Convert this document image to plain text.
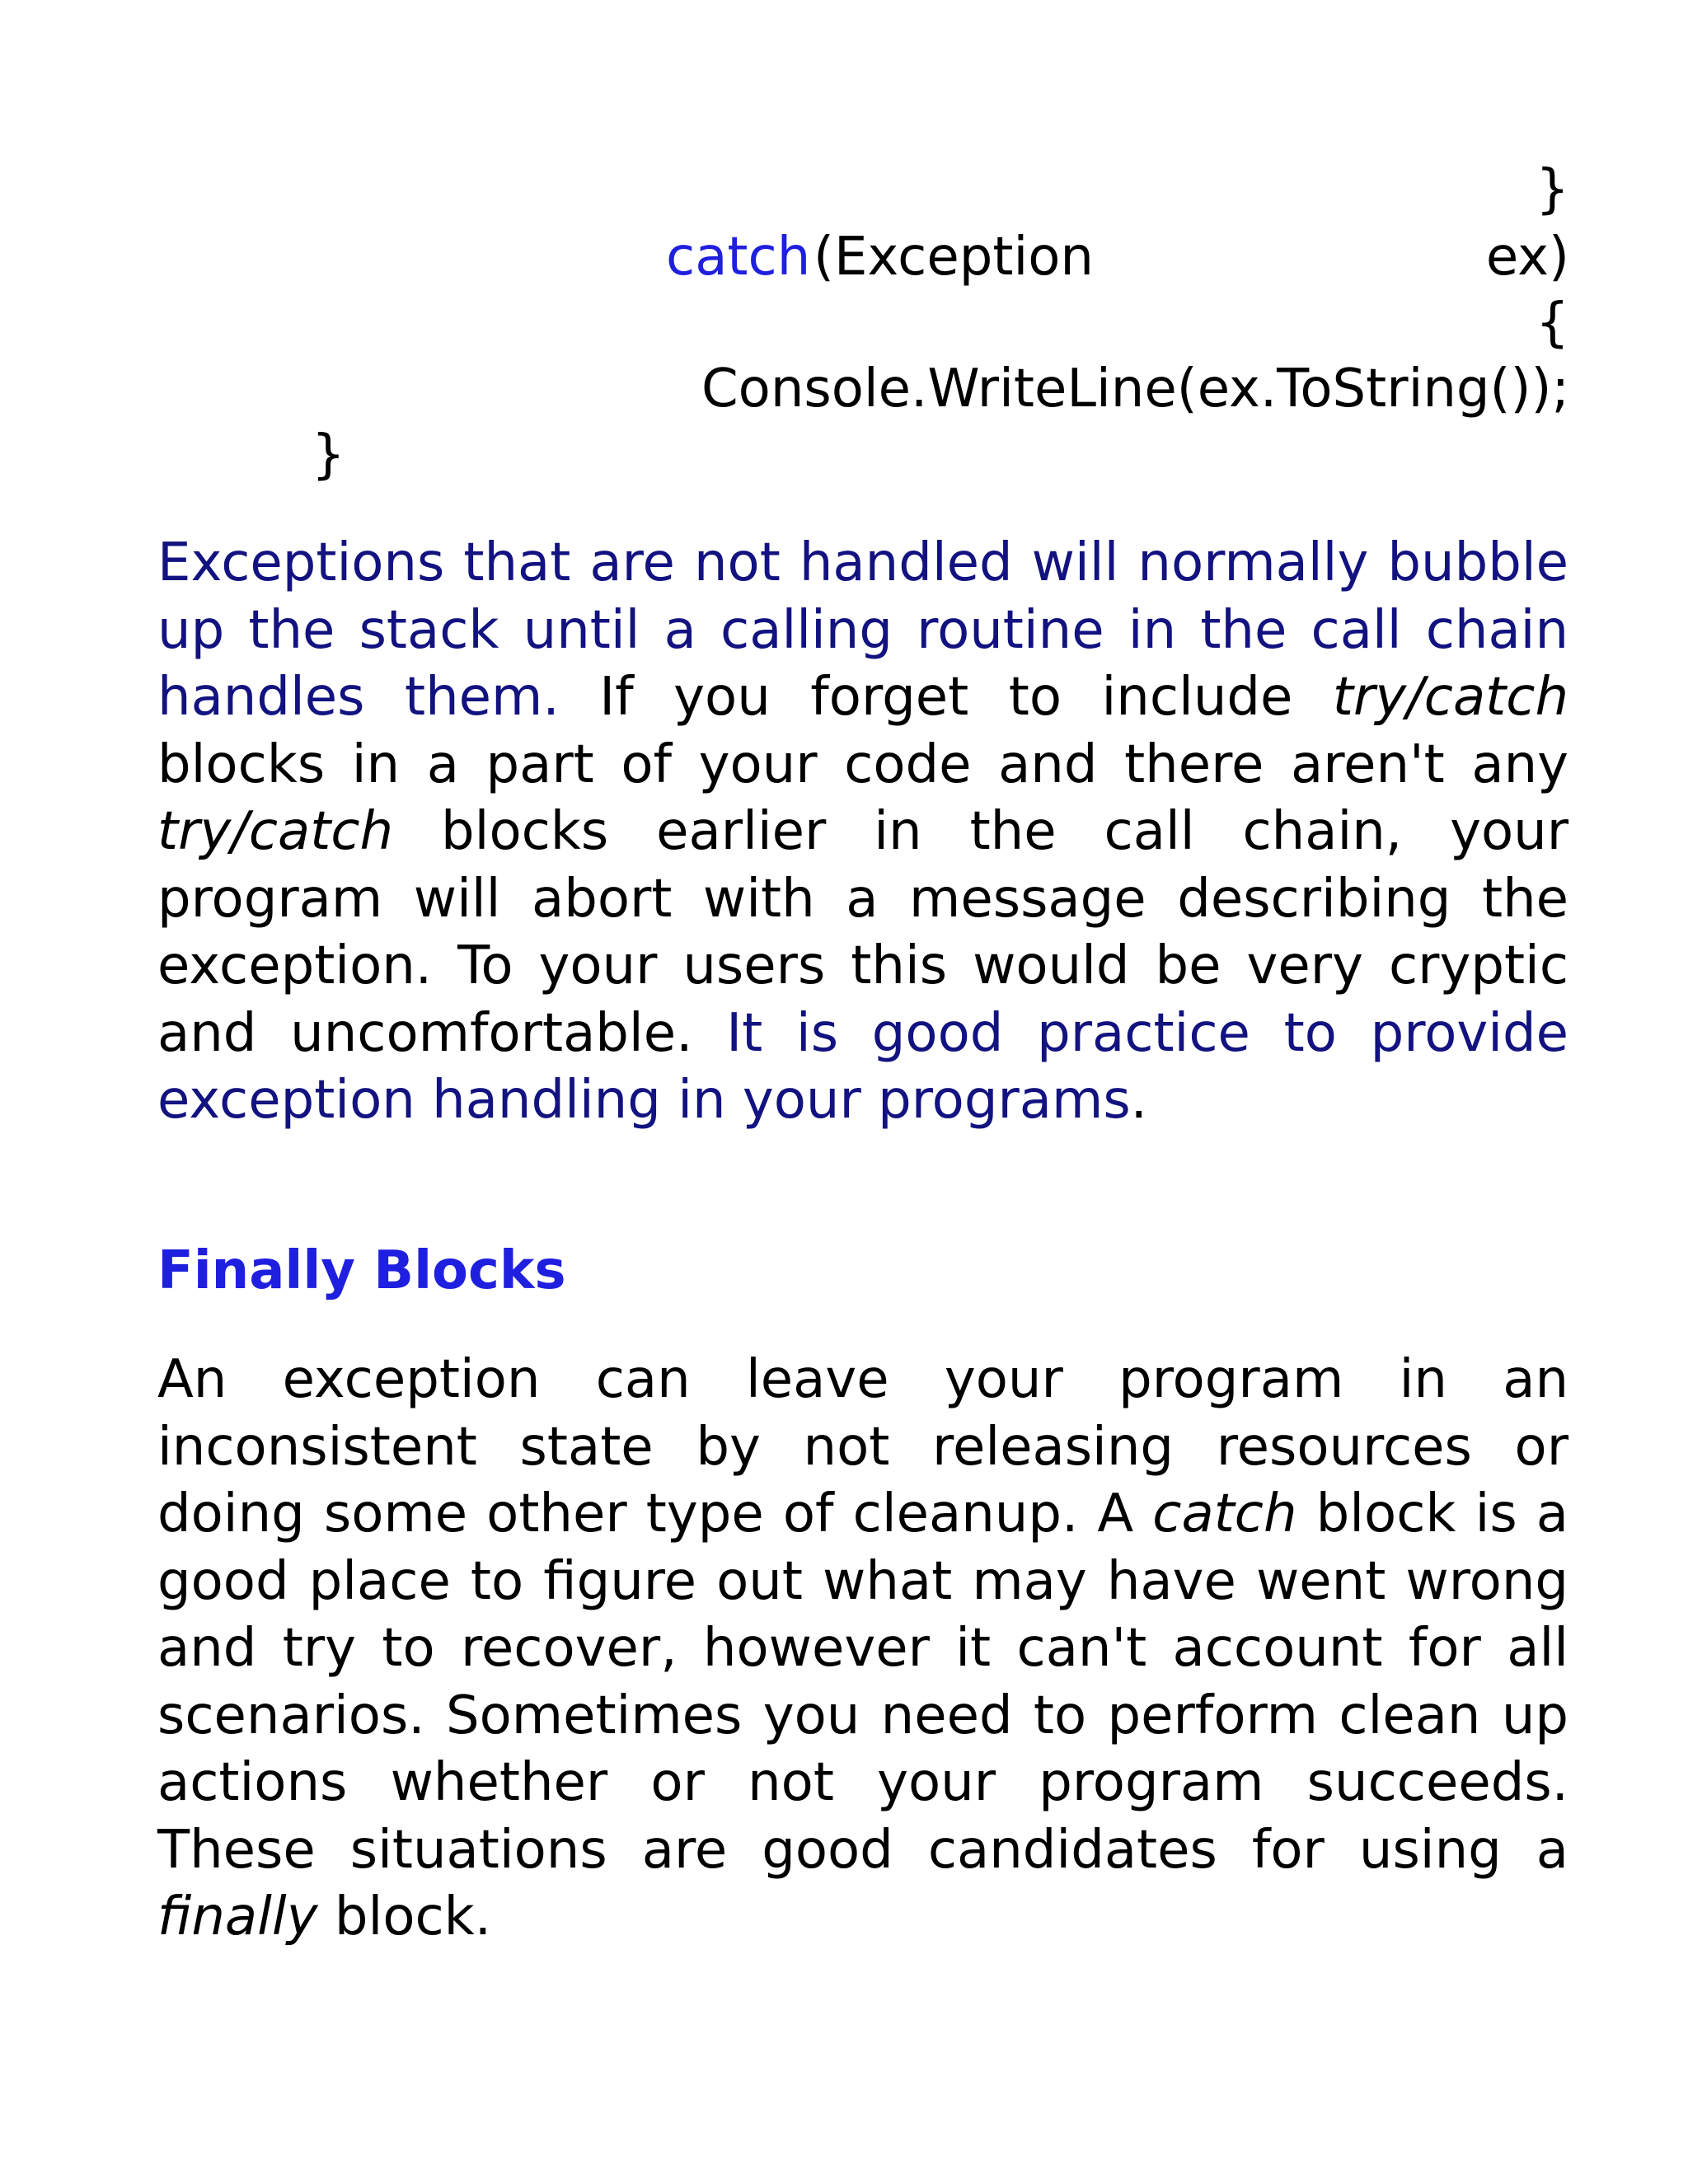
}
catch (Exception	ex)
{
Console.WriteLine(ex.ToString());
}

Exceptions that are not handled will normally bubble up the stack until a calling routine in the call chain handles them. If you forget to include try/catch blocks in a part of your code and there aren't any try/catch blocks earlier in the call chain, your program will abort with a message describing the exception. To your users this would be very cryptic and uncomfortable. It is good practice to provide exception handling in your programs.

Finally Blocks

An exception can leave your program in an inconsistent state by not releasing resources or doing some other type of cleanup. A catch block is a good place to figure out what may have went wrong and try to recover, however it can't account for all scenarios. Sometimes you need to perform clean up actions whether or not your program succeeds. These situations are good candidates for using a finally block.
